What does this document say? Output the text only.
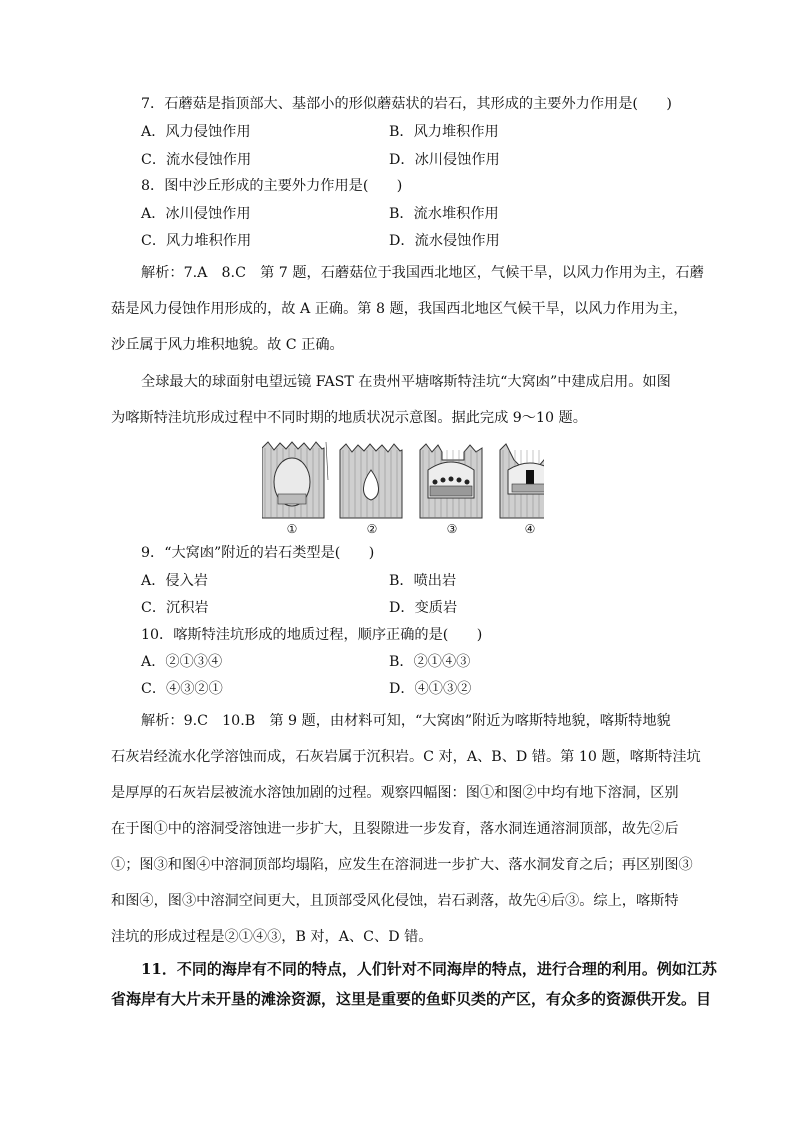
7．石蘑菇是指顶部大、基部小的形似蘑菇状的岩石，其形成的主要外力作用是(　　)
A．风力侵蚀作用	B．风力堆积作用
C．流水侵蚀作用	D．冰川侵蚀作用
8．图中沙丘形成的主要外力作用是(　　)
A．冰川侵蚀作用	B．流水堆积作用
C．风力堆积作用	D．流水侵蚀作用
解析：7.A　8.C　第 7 题，石蘑菇位于我国西北地区，气候干旱，以风力作用为主，石蘑
菇是风力侵蚀作用形成的，故 A 正确。第 8 题，我国西北地区气候干旱，以风力作用为主，
沙丘属于风力堆积地貌。故 C 正确。
全球最大的球面射电望远镜 FAST 在贵州平塘喀斯特洼坑“大窝凼”中建成启用。如图
为喀斯特洼坑形成过程中不同时期的地质状况示意图。据此完成 9～10 题。
①	②	③	④
9．“大窝凼”附近的岩石类型是(　　)
A．侵入岩	B．喷出岩
C．沉积岩	D．变质岩
10．喀斯特洼坑形成的地质过程，顺序正确的是(　　)
A．②①③④	B．②①④③
C．④③②①	D．④①③②
解析：9.C　10.B　第 9 题，由材料可知，“大窝凼”附近为喀斯特地貌，喀斯特地貌
石灰岩经流水化学溶蚀而成，石灰岩属于沉积岩。C 对，A、B、D 错。第 10 题，喀斯特洼坑
是厚厚的石灰岩层被流水溶蚀加剧的过程。观察四幅图：图①和图②中均有地下溶洞，区别
在于图①中的溶洞受溶蚀进一步扩大，且裂隙进一步发育，落水洞连通溶洞顶部，故先②后
①；图③和图④中溶洞顶部均塌陷，应发生在溶洞进一步扩大、落水洞发育之后；再区别图③
和图④，图③中溶洞空间更大，且顶部受风化侵蚀，岩石剥落，故先④后③。综上，喀斯特
洼坑的形成过程是②①④③，B 对，A、C、D 错。
11．不同的海岸有不同的特点，人们针对不同海岸的特点，进行合理的利用。例如江苏
省海岸有大片未开垦的滩涂资源，这里是重要的鱼虾贝类的产区，有众多的资源供开发。目
